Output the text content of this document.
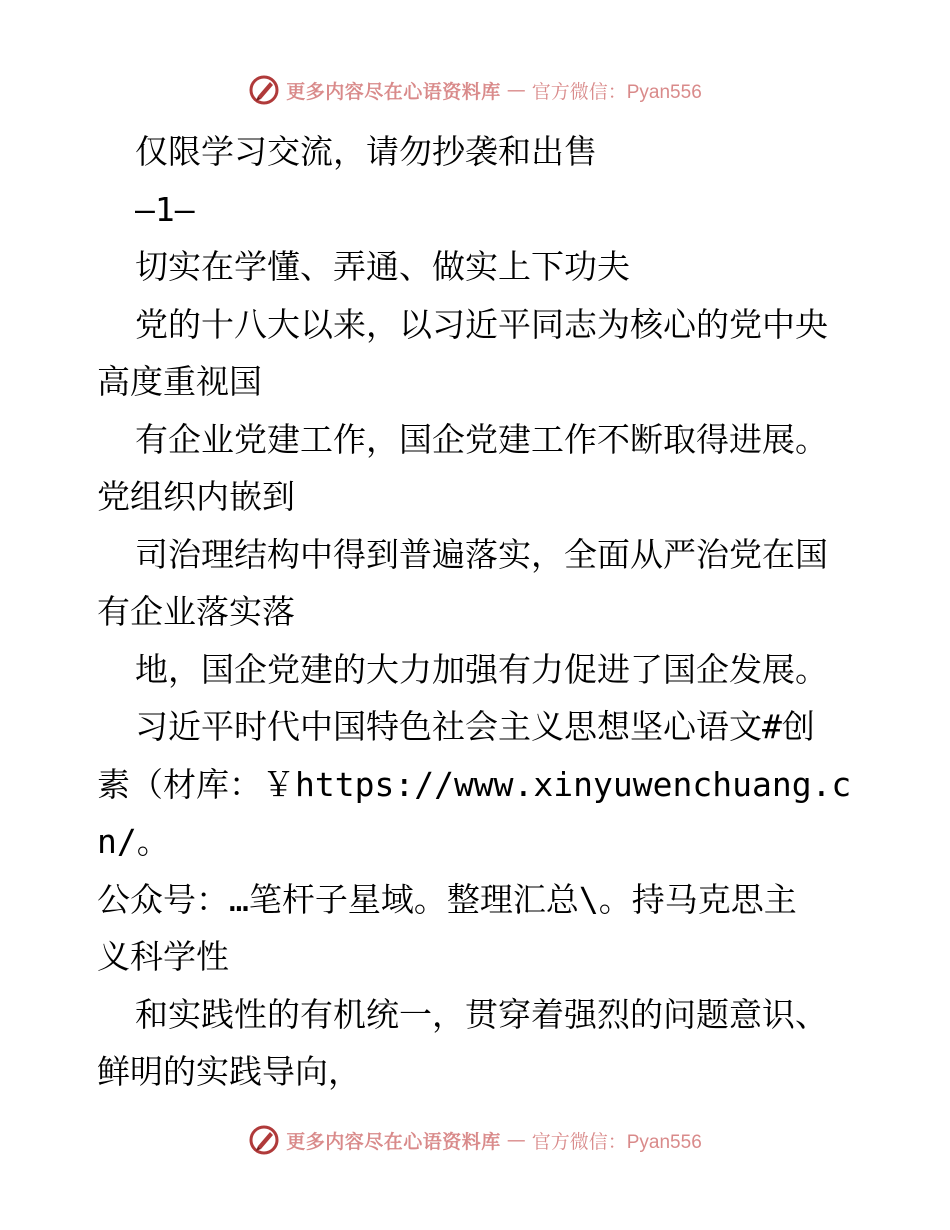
更多内容尽在心语资料库 — 官方微信：Pyan556

仅限学习交流，请勿抄袭和出售

—1—

切实在学懂、弄通、做实上下功夫

党的十八大以来，以习近平同志为核心的党中央

高度重视国

有企业党建工作，国企党建工作不断取得进展。

党组织内嵌到

司治理结构中得到普遍落实，全面从严治党在国

有企业落实落

地，国企党建的大力加强有力促进了国企发展。

习近平时代中国特色社会主义思想坚心语文#创

素（材库：￥https://www.xinyuwenchuang.cn/。

公众号：…笔杆子星域。整理汇总\。持马克思主

义科学性

和实践性的有机统一，贯穿着强烈的问题意识、

鲜明的实践导向，

更多内容尽在心语资料库 — 官方微信：Pyan556
